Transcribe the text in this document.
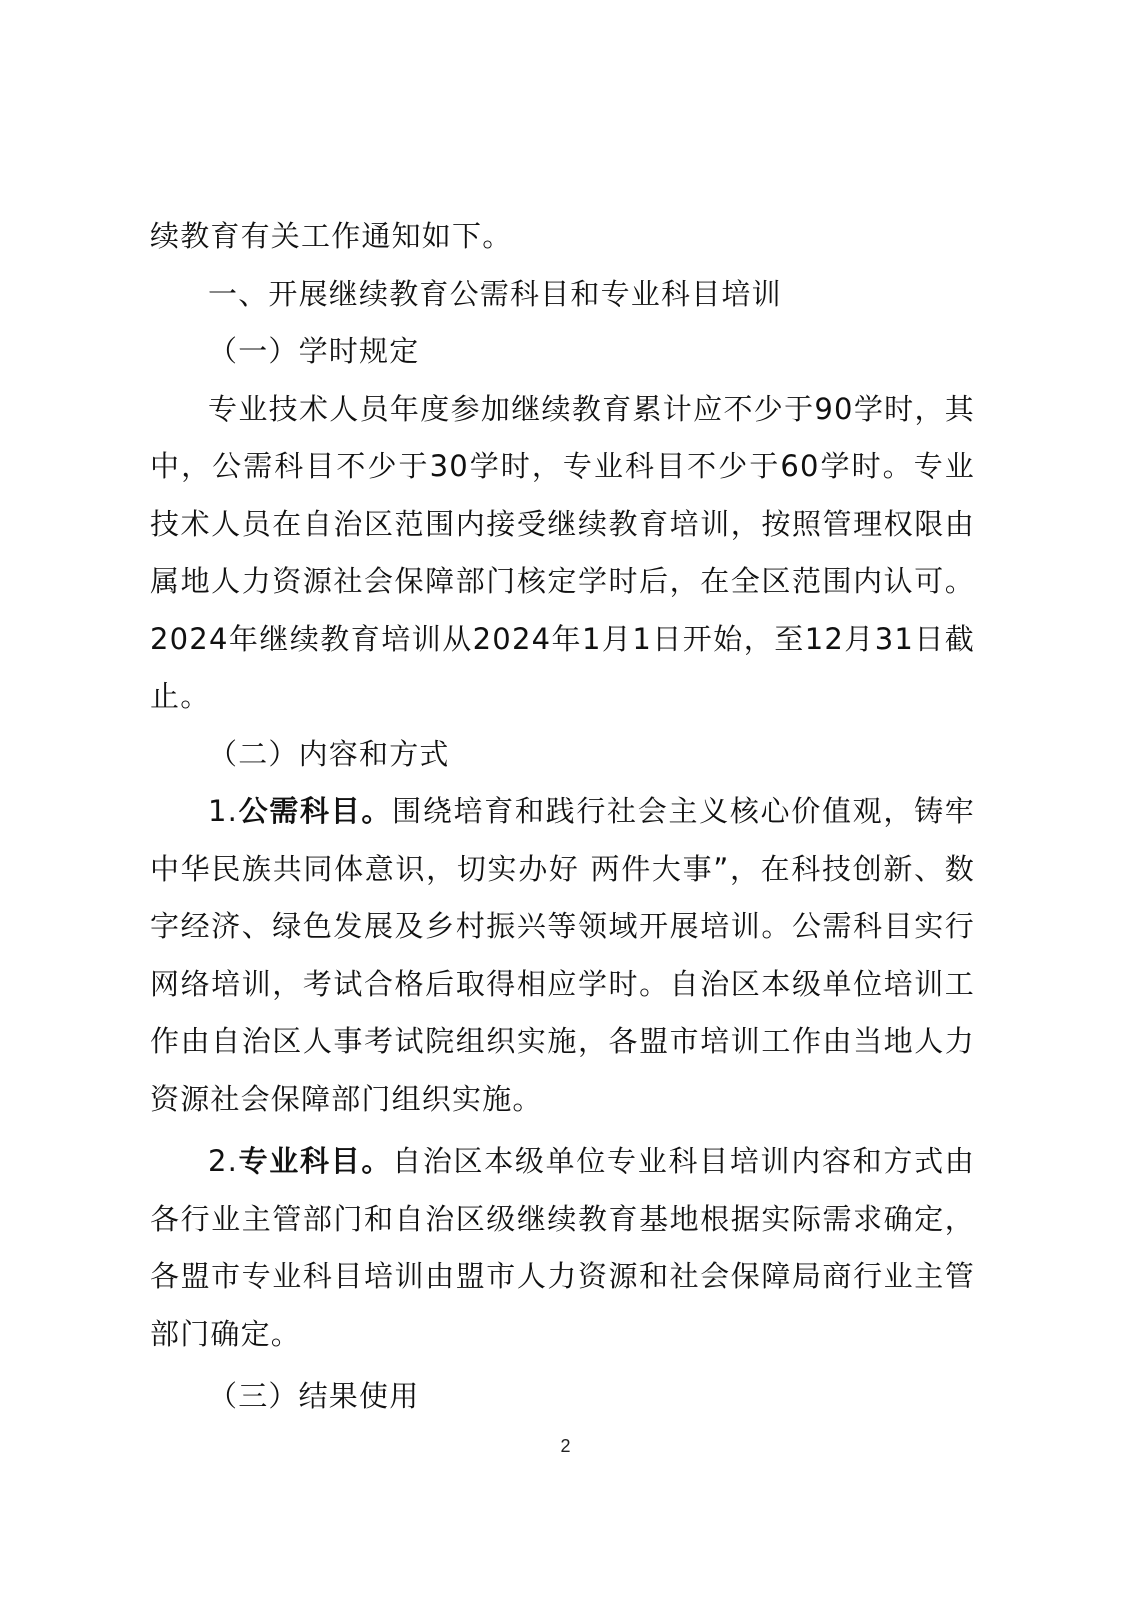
续教育有关工作通知如下。

一、开展继续教育公需科目和专业科目培训

（一）学时规定

专业技术人员年度参加继续教育累计应不少于90学时，其中，公需科目不少于30学时，专业科目不少于60学时。专业技术人员在自治区范围内接受继续教育培训，按照管理权限由属地人力资源社会保障部门核定学时后，在全区范围内认可。2024年继续教育培训从2024年1月1日开始，至12月31日截止。

（二）内容和方式

1.公需科目。围绕培育和践行社会主义核心价值观，铸牢中华民族共同体意识，切实办好 两件大事”，在科技创新、数字经济、绿色发展及乡村振兴等领域开展培训。公需科目实行网络培训，考试合格后取得相应学时。自治区本级单位培训工作由自治区人事考试院组织实施，各盟市培训工作由当地人力资源社会保障部门组织实施。

2.专业科目。自治区本级单位专业科目培训内容和方式由各行业主管部门和自治区级继续教育基地根据实际需求确定，各盟市专业科目培训由盟市人力资源和社会保障局商行业主管部门确定。

（三）结果使用

2
